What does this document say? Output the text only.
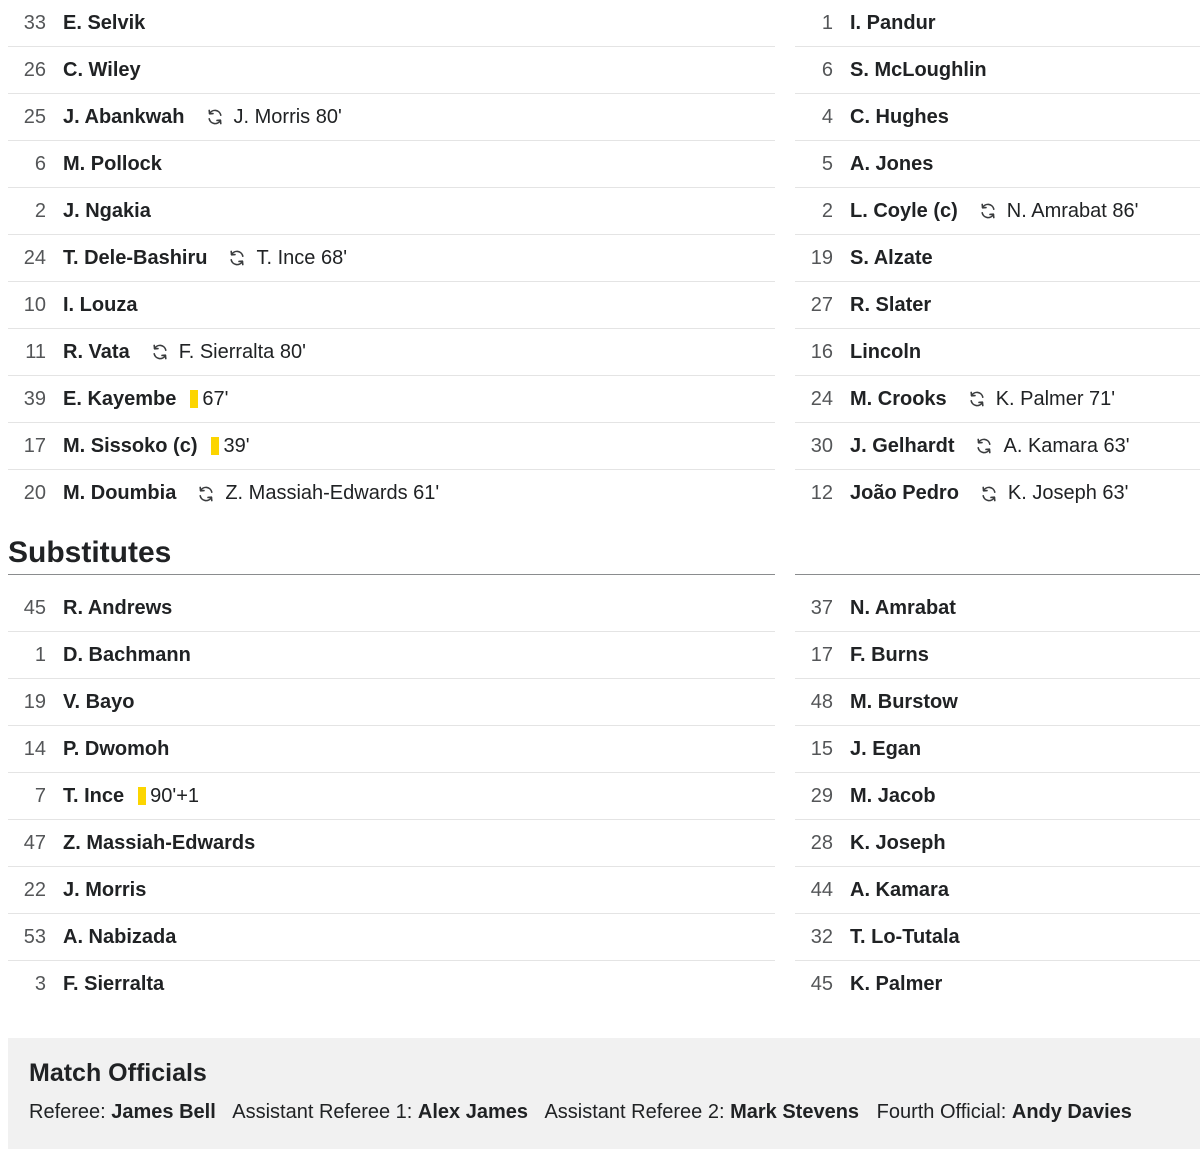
33 E. Selvik
26 C. Wiley
25 J. Abankwah J. Morris 80'
6 M. Pollock
2 J. Ngakia
24 T. Dele-Bashiru T. Ince 68'
10 I. Louza
11 R. Vata F. Sierralta 80'
39 E. Kayembe 67'
17 M. Sissoko (c) 39'
20 M. Doumbia Z. Massiah-Edwards 61'
1 I. Pandur
6 S. McLoughlin
4 C. Hughes
5 A. Jones
2 L. Coyle (c) N. Amrabat 86'
19 S. Alzate
27 R. Slater
16 Lincoln
24 M. Crooks K. Palmer 71'
30 J. Gelhardt A. Kamara 63'
12 João Pedro K. Joseph 63'
Substitutes
45 R. Andrews
1 D. Bachmann
19 V. Bayo
14 P. Dwomoh
7 T. Ince 90'+1
47 Z. Massiah-Edwards
22 J. Morris
53 A. Nabizada
3 F. Sierralta
37 N. Amrabat
17 F. Burns
48 M. Burstow
15 J. Egan
29 M. Jacob
28 K. Joseph
44 A. Kamara
32 T. Lo-Tutala
45 K. Palmer
Match Officials
Referee: James Bell Assistant Referee 1: Alex James Assistant Referee 2: Mark Stevens Fourth Official: Andy Davies
